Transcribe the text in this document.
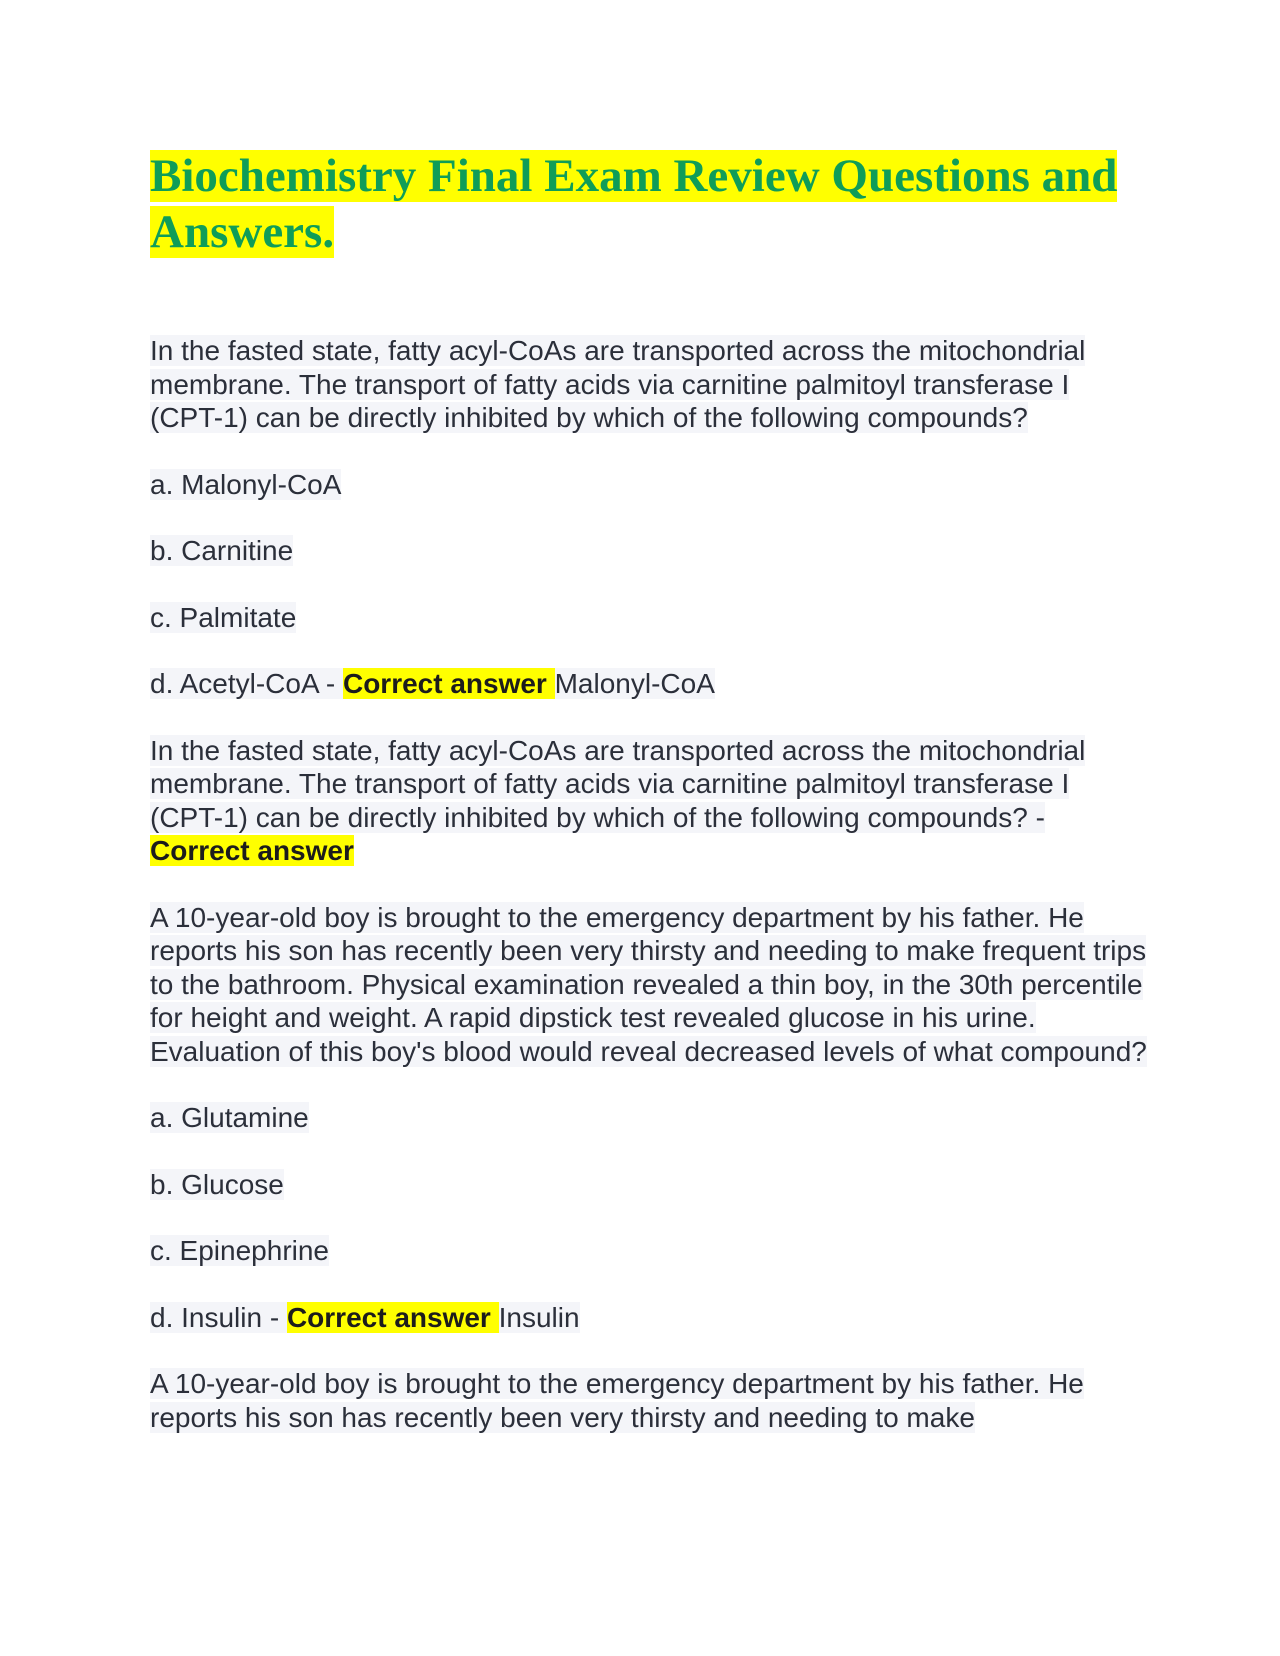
Biochemistry Final Exam Review Questions and Answers.

In the fasted state, fatty acyl-CoAs are transported across the mitochondrial membrane. The transport of fatty acids via carnitine palmitoyl transferase I (CPT-1) can be directly inhibited by which of the following compounds?

a. Malonyl-CoA

b. Carnitine

c. Palmitate

d. Acetyl-CoA - Correct answer Malonyl-CoA

In the fasted state, fatty acyl-CoAs are transported across the mitochondrial membrane. The transport of fatty acids via carnitine palmitoyl transferase I (CPT-1) can be directly inhibited by which of the following compounds? - Correct answer

A 10-year-old boy is brought to the emergency department by his father. He reports his son has recently been very thirsty and needing to make frequent trips to the bathroom. Physical examination revealed a thin boy, in the 30th percentile for height and weight. A rapid dipstick test revealed glucose in his urine. Evaluation of this boy's blood would reveal decreased levels of what compound?

a. Glutamine

b. Glucose

c. Epinephrine

d. Insulin - Correct answer Insulin

A 10-year-old boy is brought to the emergency department by his father. He reports his son has recently been very thirsty and needing to make
